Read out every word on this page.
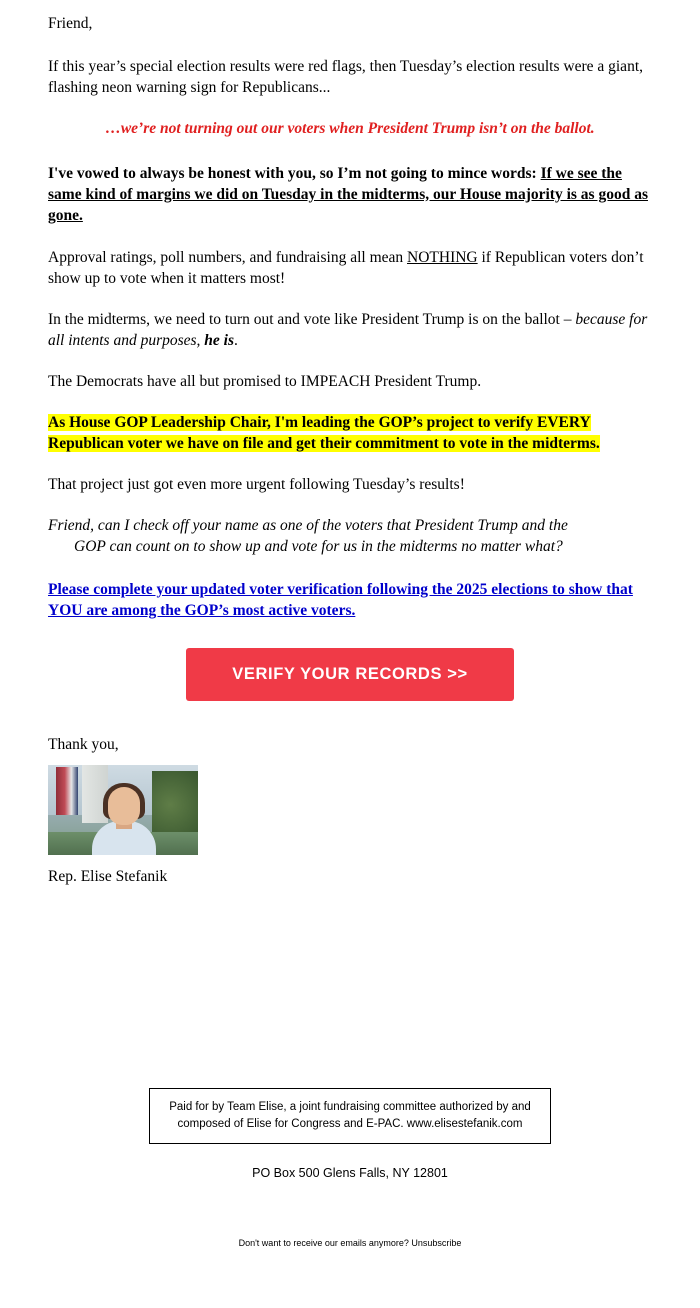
Friend,

If this year’s special election results were red flags, then Tuesday’s election results were a giant, flashing neon warning sign for Republicans...

…we’re not turning out our voters when President Trump isn’t on the ballot.

I've vowed to always be honest with you, so I’m not going to mince words: If we see the same kind of margins we did on Tuesday in the midterms, our House majority is as good as gone.

Approval ratings, poll numbers, and fundraising all mean NOTHING if Republican voters don’t show up to vote when it matters most!

In the midterms, we need to turn out and vote like President Trump is on the ballot – because for all intents and purposes, he is.

The Democrats have all but promised to IMPEACH President Trump.

As House GOP Leadership Chair, I'm leading the GOP’s project to verify EVERY Republican voter we have on file and get their commitment to vote in the midterms.

That project just got even more urgent following Tuesday’s results!

Friend, can I check off your name as one of the voters that President Trump and the
GOP can count on to show up and vote for us in the midterms no matter what?
Please complete your updated voter verification following the 2025 elections to show that YOU are among the GOP’s most active voters.
VERIFY YOUR RECORDS >>

Thank you,

Rep. Elise Stefanik

Paid for by Team Elise, a joint fundraising committee authorized by and composed of Elise for Congress and E-PAC. www.elisestefanik.com
PO Box 500 Glens Falls, NY 12801
Don't want to receive our emails anymore? Unsubscribe
